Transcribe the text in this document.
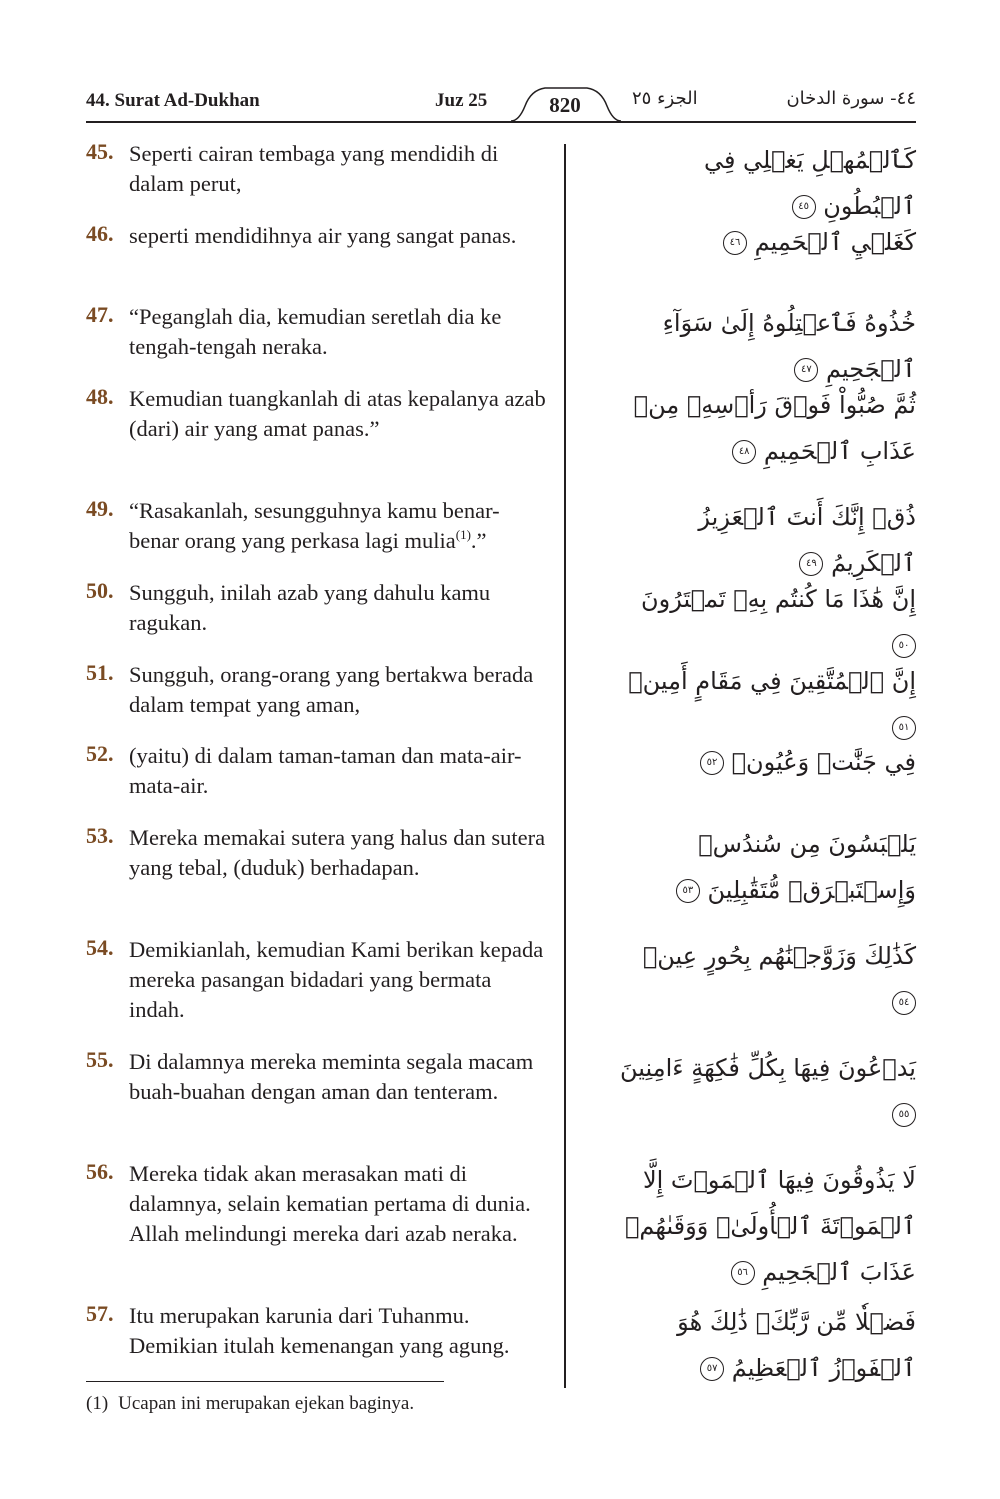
44. Surat Ad-Dukhan	Juz 25	820	الجزء ٢٥	٤٤- سورة الدخان
45. Seperti cairan tembaga yang mendidih di dalam perut,
كَٱلۡمُهۡلِ يَغۡلِي فِي ٱلۡبُطُونِ ٤٥
46. seperti mendidihnya air yang sangat panas.	كَغَلۡيِ ٱلۡحَمِيمِ ٤٦
47. “Peganglah dia, kemudian seretlah dia ke tengah-tengah neraka.
خُذُوهُ فَٱعۡتِلُوهُ إِلَىٰ سَوَآءِ ٱلۡجَحِيمِ ٤٧
48. Kemudian tuangkanlah di atas kepalanya azab (dari) air yang amat panas.”
ثُمَّ صُبُّواْ فَوۡقَ رَأۡسِهِۦ مِنۡ عَذَابِ ٱلۡحَمِيمِ ٤٨
49. “Rasakanlah, sesungguhnya kamu benar-benar orang yang perkasa lagi mulia$^{(1)}$.”
ذُقۡ إِنَّكَ أَنتَ ٱلۡعَزِيزُ ٱلۡكَرِيمُ ٤٩
50. Sungguh, inilah azab yang dahulu kamu ragukan.
إِنَّ هَٰذَا مَا كُنتُم بِهِۦ تَمۡتَرُونَ ٥٠
51. Sungguh, orang-orang yang bertakwa berada dalam tempat yang aman,
إِنَّ ٱلۡمُتَّقِينَ فِي مَقَامٍ أَمِينٖ ٥١
52. (yaitu) di dalam taman-taman dan mata-air-mata-air.
فِي جَنَّٰتٖ وَعُيُونٖ ٥٢
53. Mereka memakai sutera yang halus dan sutera yang tebal, (duduk) berhadapan.
يَلۡبَسُونَ مِن سُندُسٖ وَإِسۡتَبۡرَقٖ مُّتَقَٰبِلِينَ ٥٣
54. Demikianlah, kemudian Kami berikan kepada mereka pasangan bidadari yang bermata indah.
كَذَٰلِكَ وَزَوَّجۡنَٰهُم بِحُورٍ عِينٖ ٥٤
55. Di dalamnya mereka meminta segala macam buah-buahan dengan aman dan tenteram.
يَدۡعُونَ فِيهَا بِكُلِّ فَٰكِهَةٍ ءَامِنِينَ ٥٥
56. Mereka tidak akan merasakan mati di dalamnya, selain kematian pertama di dunia. Allah melindungi mereka dari azab neraka.
لَا يَذُوقُونَ فِيهَا ٱلۡمَوۡتَ إِلَّا ٱلۡمَوۡتَةَ ٱلۡأُولَىٰۖ وَوَقَىٰهُمۡ عَذَابَ ٱلۡجَحِيمِ ٥٦
57. Itu merupakan karunia dari Tuhanmu. Demikian itulah kemenangan yang agung.
فَضۡلٗا مِّن رَّبِّكَۚ ذَٰلِكَ هُوَ ٱلۡفَوۡزُ ٱلۡعَظِيمُ ٥٧
(1) Ucapan ini merupakan ejekan baginya.
